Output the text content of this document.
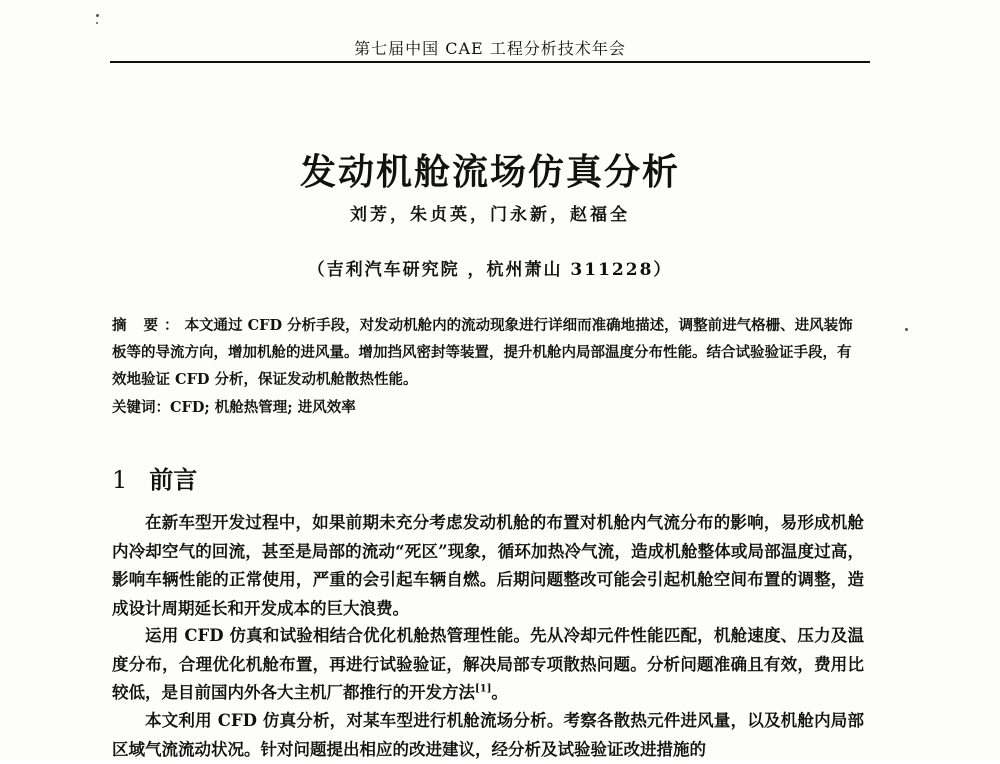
第七届中国 CAE 工程分析技术年会
发动机舱流场仿真分析
刘芳，朱贞英，门永新，赵福全
（吉利汽车研究院 ，杭州萧山 311228）

摘 要：本文通过 CFD 分析手段，对发动机舱内的流动现象进行详细而准确地描述，调整前进气格栅、进风装饰板等的导流方向，增加机舱的进风量。增加挡风密封等装置，提升机舱内局部温度分布性能。结合试验验证手段，有效地验证 CFD 分析，保证发动机舱散热性能。

关键词：CFD; 机舱热管理; 进风效率

1 前言

在新车型开发过程中，如果前期未充分考虑发动机舱的布置对机舱内气流分布的影响，易形成机舱内冷却空气的回流，甚至是局部的流动“死区”现象，循环加热冷气流，造成机舱整体或局部温度过高，影响车辆性能的正常使用，严重的会引起车辆自燃。后期问题整改可能会引起机舱空间布置的调整，造成设计周期延长和开发成本的巨大浪费。

运用 CFD 仿真和试验相结合优化机舱热管理性能。先从冷却元件性能匹配，机舱速度、压力及温度分布，合理优化机舱布置，再进行试验验证，解决局部专项散热问题。分析问题准确且有效，费用比较低，是目前国内外各大主机厂都推行的开发方法[1]。

本文利用 CFD 仿真分析，对某车型进行机舱流场分析。考察各散热元件进风量，以及机舱内局部区域气流流动状况。针对问题提出相应的改进建议，经分析及试验验证改进措施的
